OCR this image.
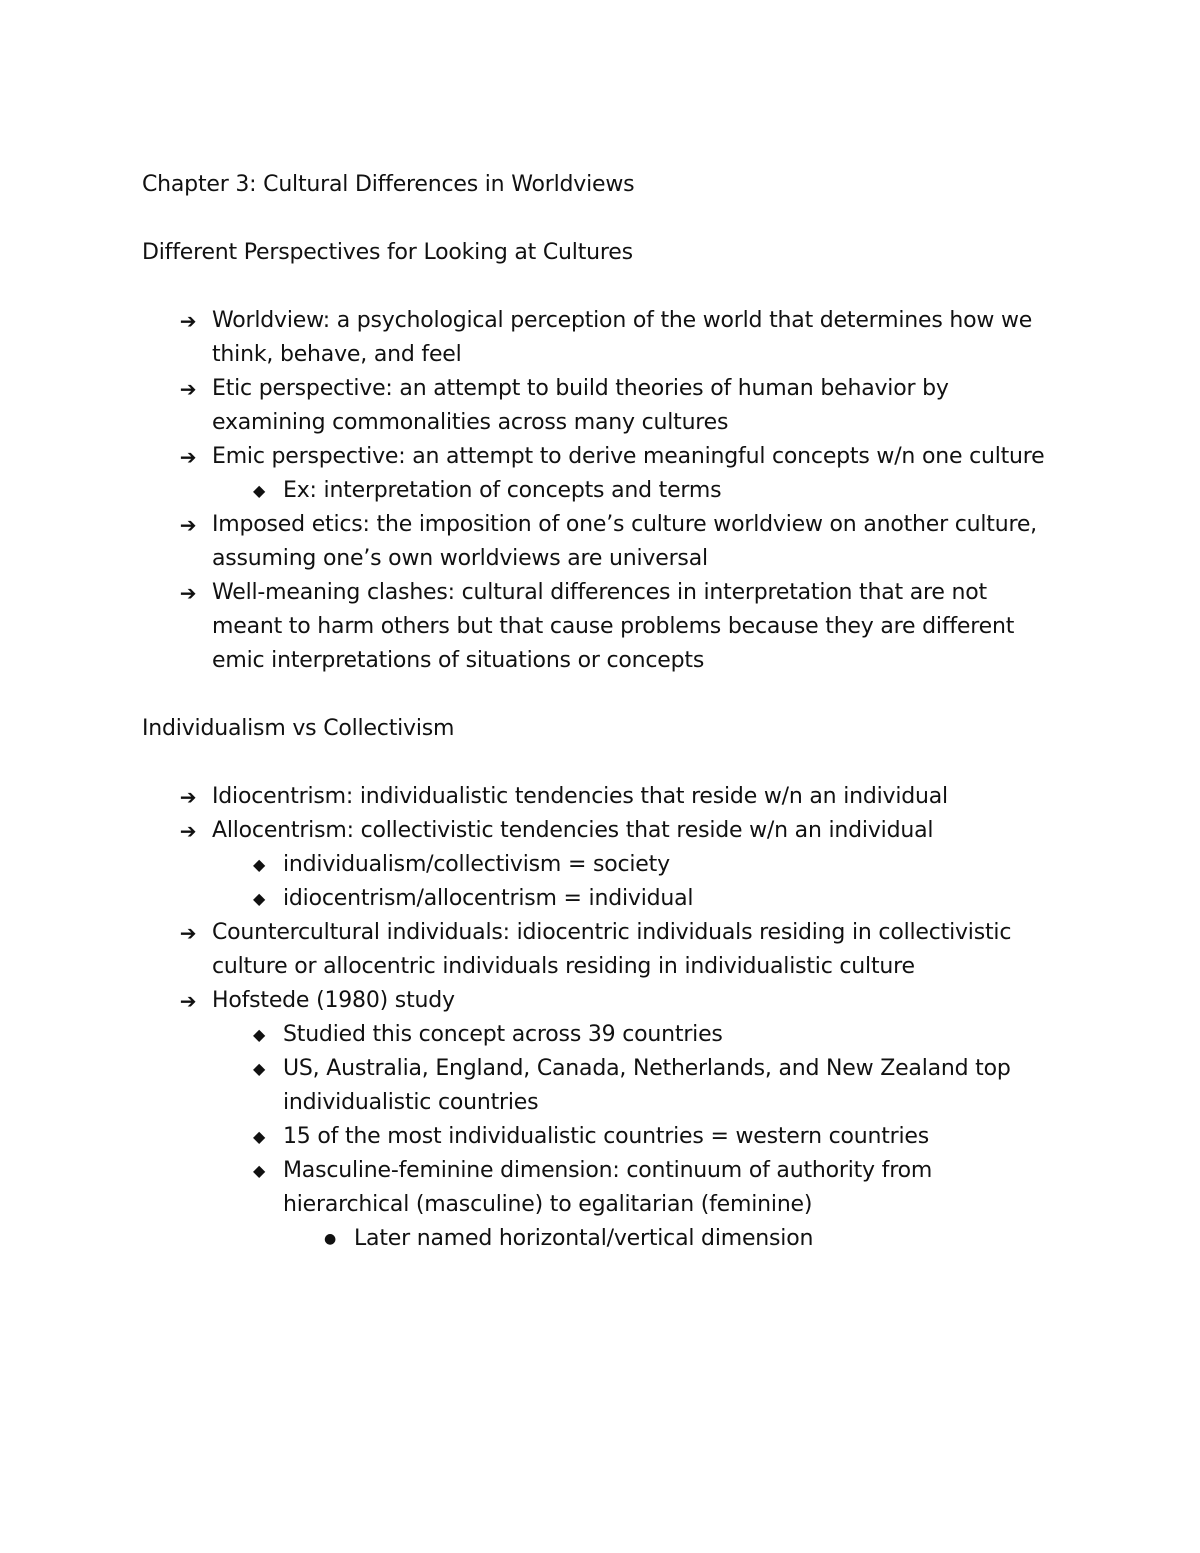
Chapter 3: Cultural Differences in Worldviews
Different Perspectives for Looking at Cultures
➔ Worldview: a psychological perception of the world that determines how we
think, behave, and feel
➔ Etic perspective: an attempt to build theories of human behavior by
examining commonalities across many cultures
➔ Emic perspective: an attempt to derive meaningful concepts w/n one culture
◆ Ex: interpretation of concepts and terms
➔ Imposed etics: the imposition of one’s culture worldview on another culture,
assuming one’s own worldviews are universal
➔ Well-meaning clashes: cultural differences in interpretation that are not
meant to harm others but that cause problems because they are different
emic interpretations of situations or concepts
Individualism vs Collectivism
➔ Idiocentrism: individualistic tendencies that reside w/n an individual
➔ Allocentrism: collectivistic tendencies that reside w/n an individual
◆ individualism/collectivism = society
◆ idiocentrism/allocentrism = individual
➔ Countercultural individuals: idiocentric individuals residing in collectivistic
culture or allocentric individuals residing in individualistic culture
➔ Hofstede (1980) study
◆ Studied this concept across 39 countries
◆ US, Australia, England, Canada, Netherlands, and New Zealand top
individualistic countries
◆ 15 of the most individualistic countries = western countries
◆ Masculine-feminine dimension: continuum of authority from
hierarchical (masculine) to egalitarian (feminine)
● Later named horizontal/vertical dimension
